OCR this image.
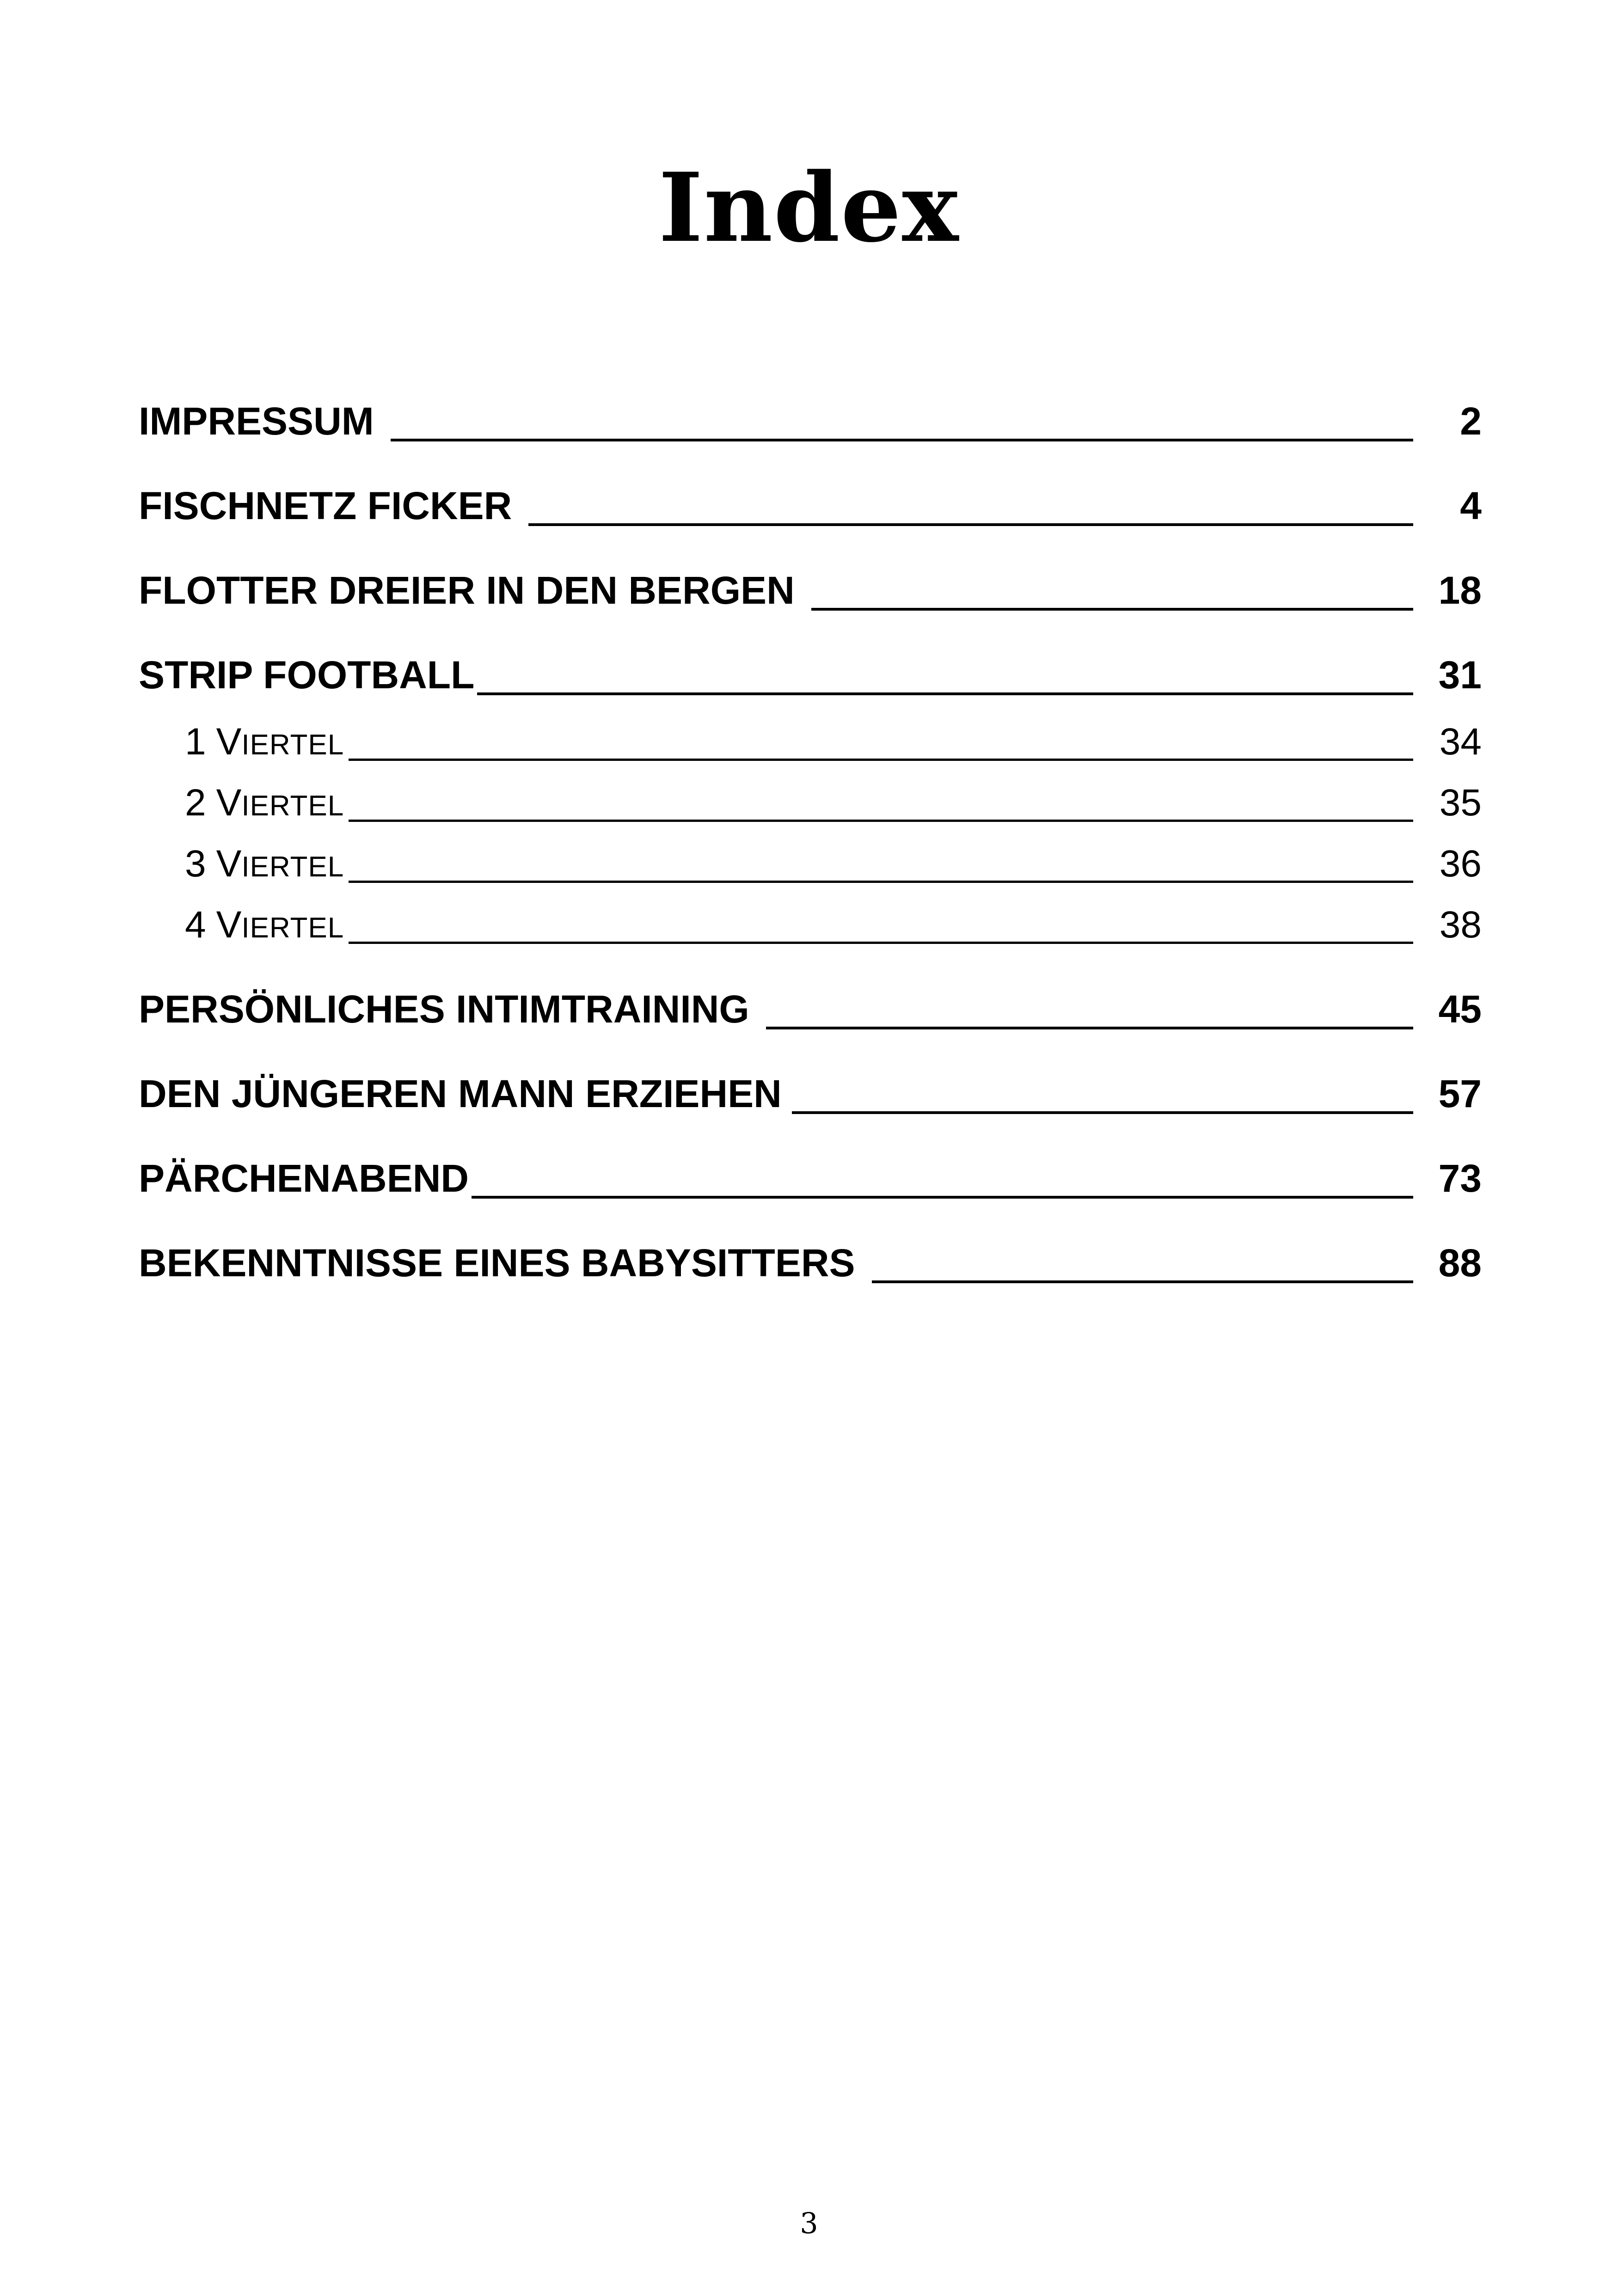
Index
IMPRESSUM	2
FISCHNETZ FICKER	4
FLOTTER DREIER IN DEN BERGEN	18
STRIP FOOTBALL	31
1 VIERTEL	34
2 VIERTEL	35
3 VIERTEL	36
4 VIERTEL	38
PERSÖNLICHES INTIMTRAINING	45
DEN JÜNGEREN MANN ERZIEHEN	57
PÄRCHENABEND	73
BEKENNTNISSE EINES BABYSITTERS	88
3
